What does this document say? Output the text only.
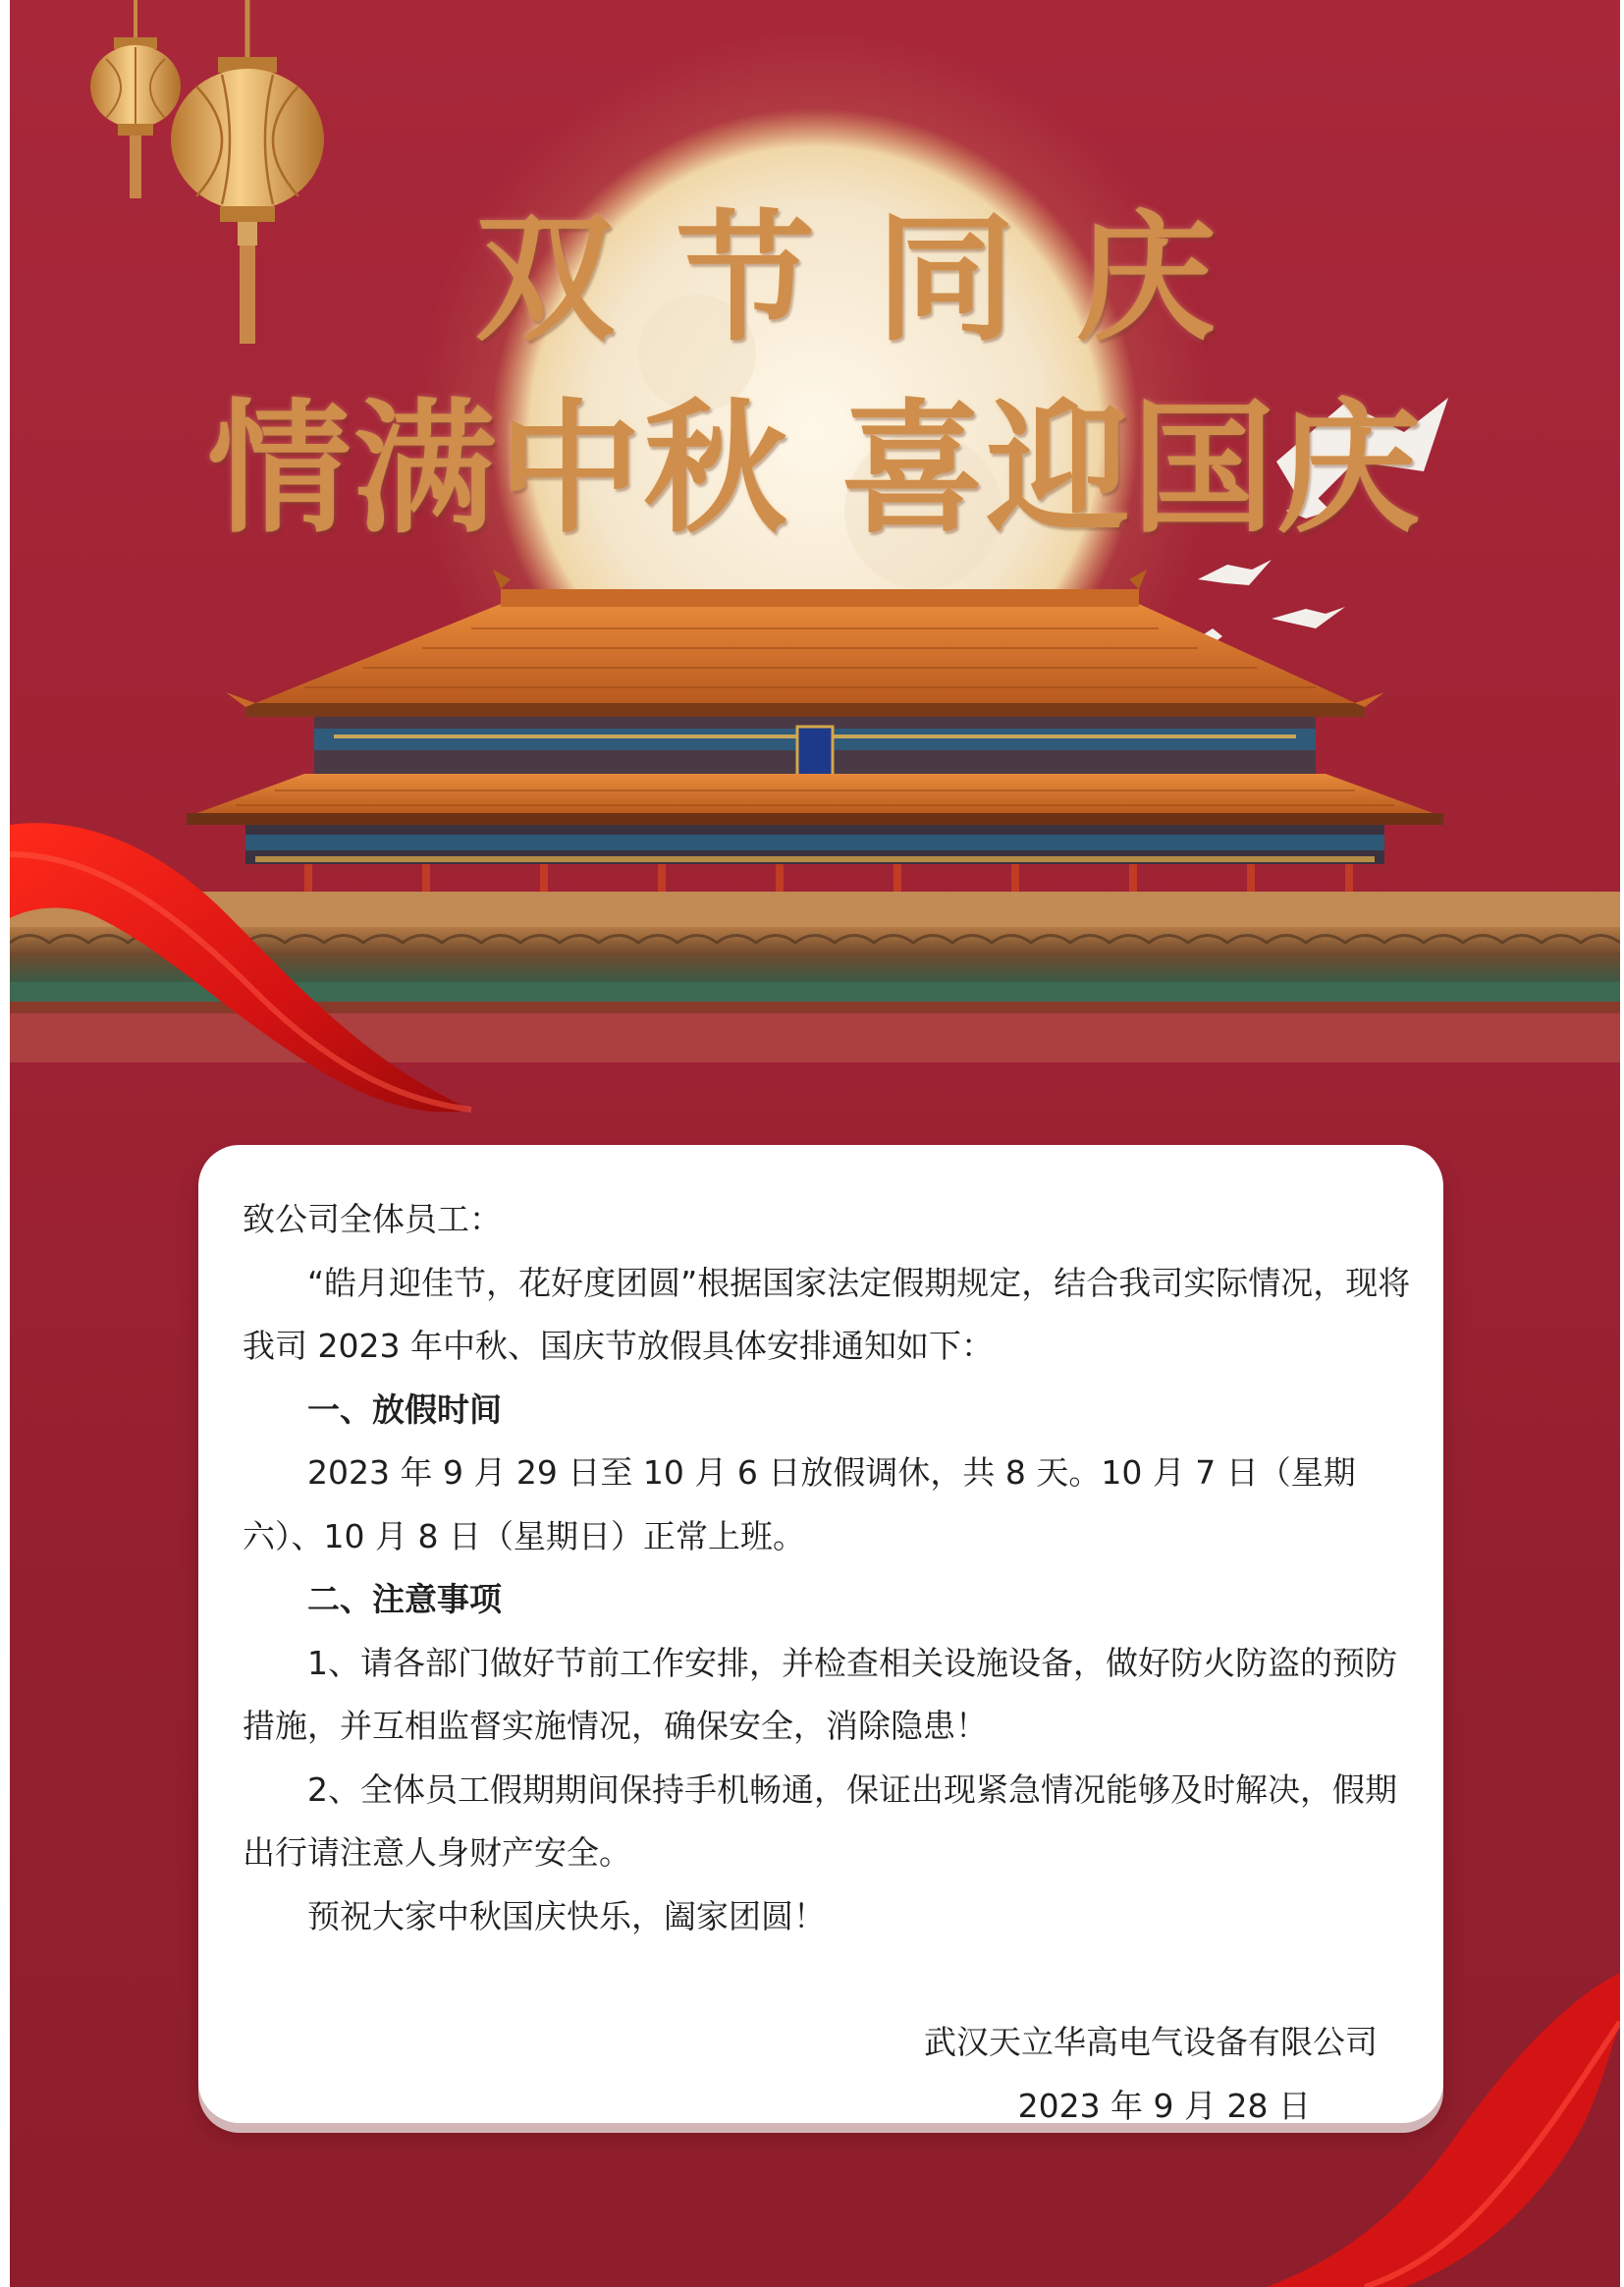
双节同庆
情满中秋 喜迎国庆

致公司全体员工：

“皓月迎佳节，花好度团圆”根据国家法定假期规定，结合我司实际情况，现将我司 2023 年中秋、国庆节放假具体安排通知如下：

一、放假时间

2023 年 9 月 29 日至 10 月 6 日放假调休，共 8 天。10 月 7 日（星期六）、10 月 8 日（星期日）正常上班。

二、注意事项

1、请各部门做好节前工作安排，并检查相关设施设备，做好防火防盗的预防措施，并互相监督实施情况，确保安全，消除隐患！

2、全体员工假期期间保持手机畅通，保证出现紧急情况能够及时解决，假期出行请注意人身财产安全。

预祝大家中秋国庆快乐，阖家团圆！

武汉天立华高电气设备有限公司

2023 年 9 月 28 日
